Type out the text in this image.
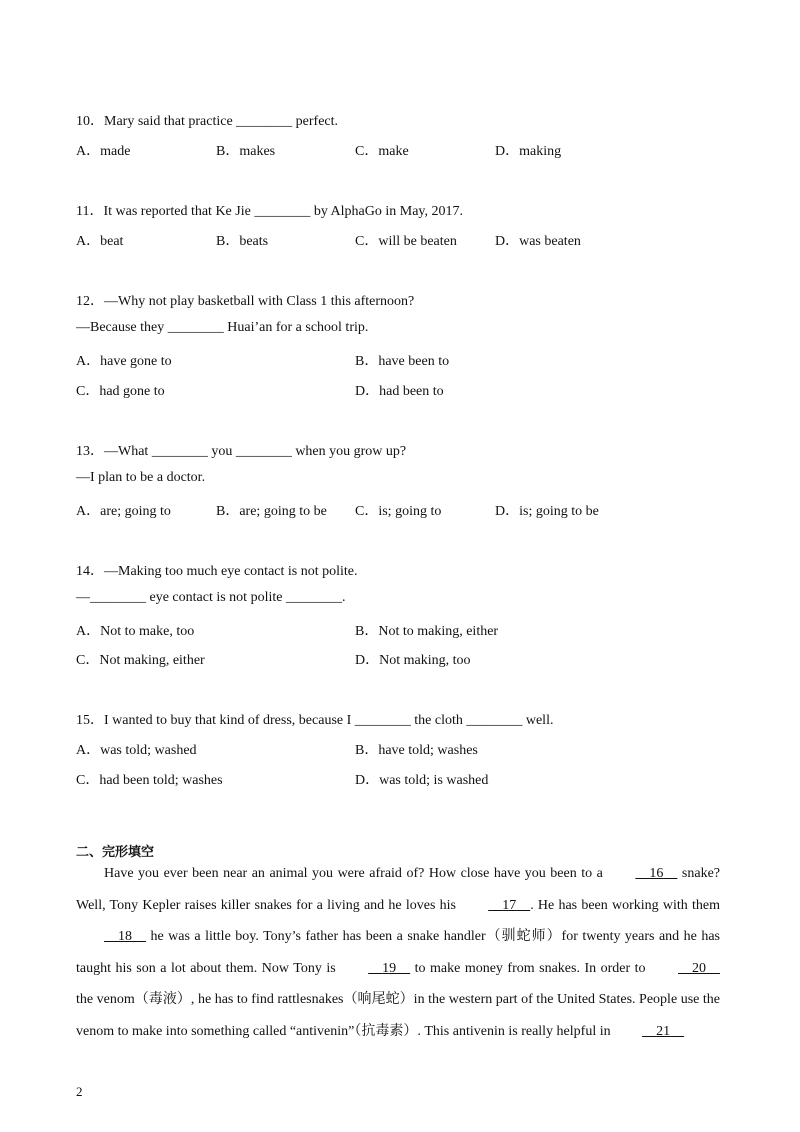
10．Mary said that practice ________ perfect.
A．made	B．makes	C．make	D．making
11．It was reported that Ke Jie ________ by AlphaGo in May, 2017.
A．beat	B．beats	C．will be beaten	D．was beaten
12．—Why not play basketball with Class 1 this afternoon?
—Because they ________ Huai’an for a school trip.
A．have gone to	B．have been to
C．had gone to	D．had been to
13．—What ________ you ________ when you grow up?
—I plan to be a doctor.
A．are; going to	B．are; going to be C．is; going to	D．is; going to be
14．—Making too much eye contact is not polite.
—________ eye contact is not polite ________.
A．Not to make, too	B．Not to making, either
C．Not making, either	D．Not making, too
15．I wanted to buy that kind of dress, because I ________ the cloth ________ well.
A．was told; washed	B．have told; washes
C．had been told; washes	D．was told; is washed
二、完形填空

Have you ever been near an animal you were afraid of? How close have you been to a	16     snake? Well, Tony Kepler raises killer snakes for a living and he loves his	17 . He has been working with them     18     he was a little boy. Tony’s father has been a snake handler（驯蛇师）for twenty years and he has taught his son a lot about them. Now Tony is	19     to make money from snakes. In order to	20     the venom（毒液）, he has to find rattlesnakes（响尾蛇）in the western part of the United States. People use the venom to make into something called “antivenin”（抗毒素）. This antivenin is really helpful in	21

2
